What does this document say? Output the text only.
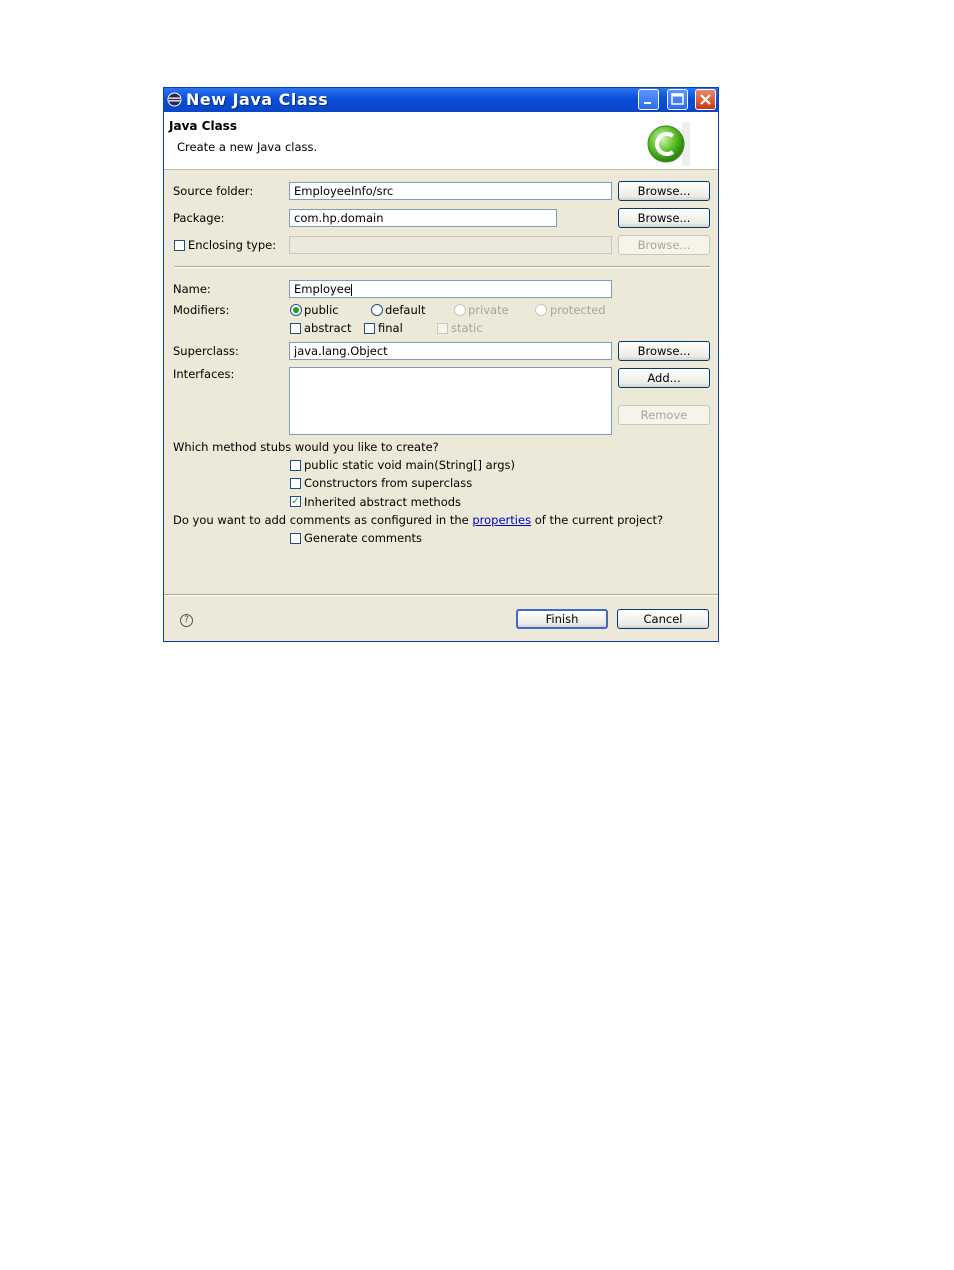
New Java Class
Java Class
Create a new Java class.
Source folder:	EmployeeInfo/src	Browse...
Package:	com.hp.domain	Browse...
Enclosing type:	Browse...
Name:	Employee
Modifiers:	public	default	private	protected
abstract final	static
Superclass:	java.lang.Object	Browse...
Interfaces:	Add...
Remove
Which method stubs would you like to create?
public static void main(String[] args)
Constructors from superclass
✓ Inherited abstract methods
Do you want to add comments as configured in the properties of the current project?
Generate comments
?	Finish	Cancel
